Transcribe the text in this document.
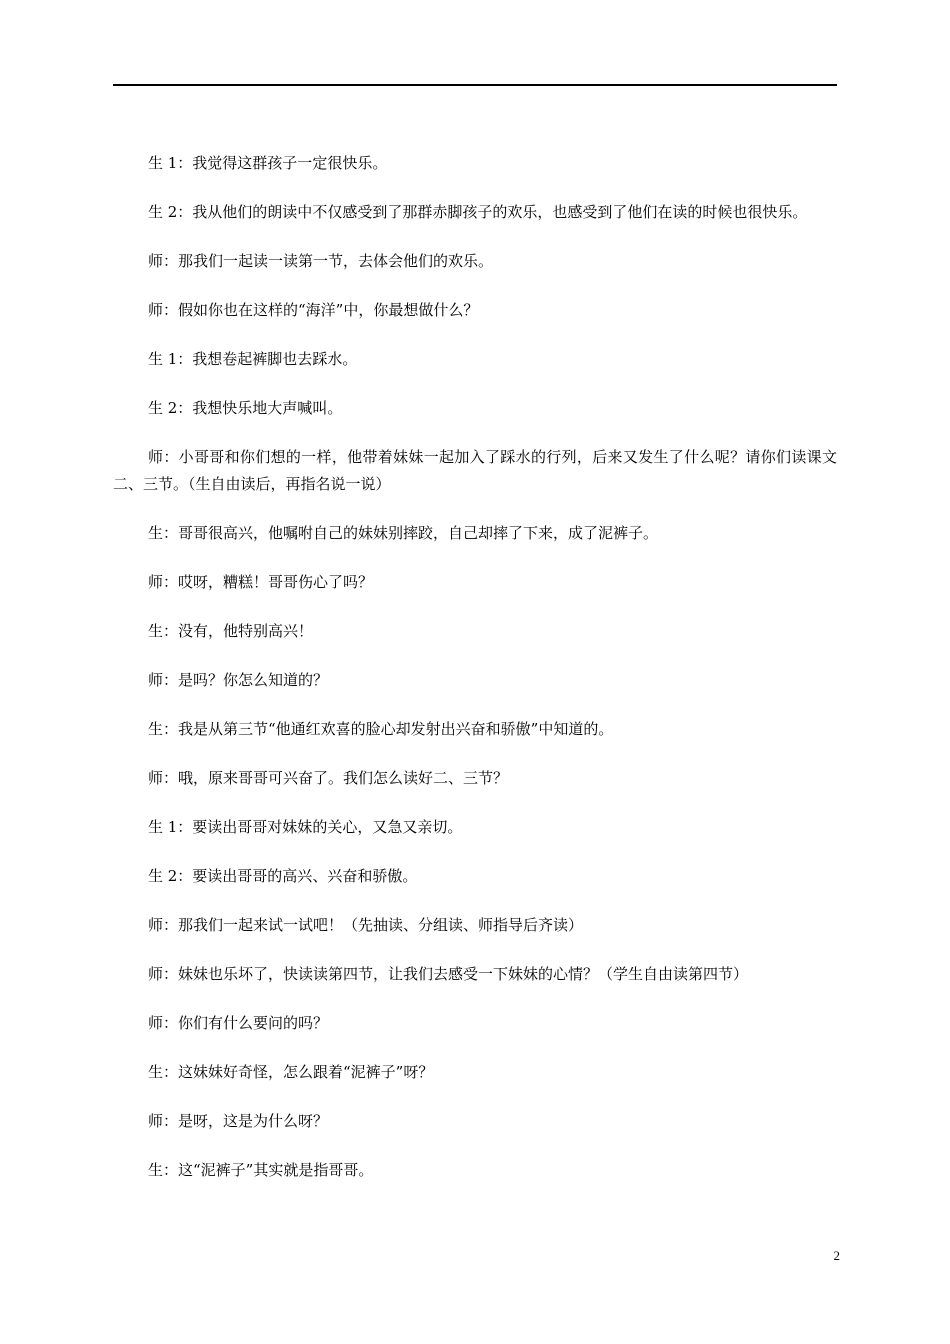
生 1：我觉得这群孩子一定很快乐。

生 2：我从他们的朗读中不仅感受到了那群赤脚孩子的欢乐，也感受到了他们在读的时候也很快乐。

师：那我们一起读一读第一节，去体会他们的欢乐。

师：假如你也在这样的“海洋”中，你最想做什么？

生 1：我想卷起裤脚也去踩水。

生 2：我想快乐地大声喊叫。

师：小哥哥和你们想的一样，他带着妹妹一起加入了踩水的行列，后来又发生了什么呢？请你们读课文二、三节。（生自由读后，再指名说一说）

生：哥哥很高兴，他嘱咐自己的妹妹别摔跤，自己却摔了下来，成了泥裤子。

师：哎呀，糟糕！哥哥伤心了吗？

生：没有，他特别高兴！

师：是吗？你怎么知道的？

生：我是从第三节“他通红欢喜的脸心却发射出兴奋和骄傲”中知道的。

师：哦，原来哥哥可兴奋了。我们怎么读好二、三节？

生 1：要读出哥哥对妹妹的关心，又急又亲切。

生 2：要读出哥哥的高兴、兴奋和骄傲。

师：那我们一起来试一试吧！（先抽读、分组读、师指导后齐读）

师：妹妹也乐坏了，快读读第四节，让我们去感受一下妹妹的心情？（学生自由读第四节）

师：你们有什么要问的吗？

生：这妹妹好奇怪，怎么跟着“泥裤子”呀？

师：是呀，这是为什么呀？

生：这“泥裤子”其实就是指哥哥。

2
